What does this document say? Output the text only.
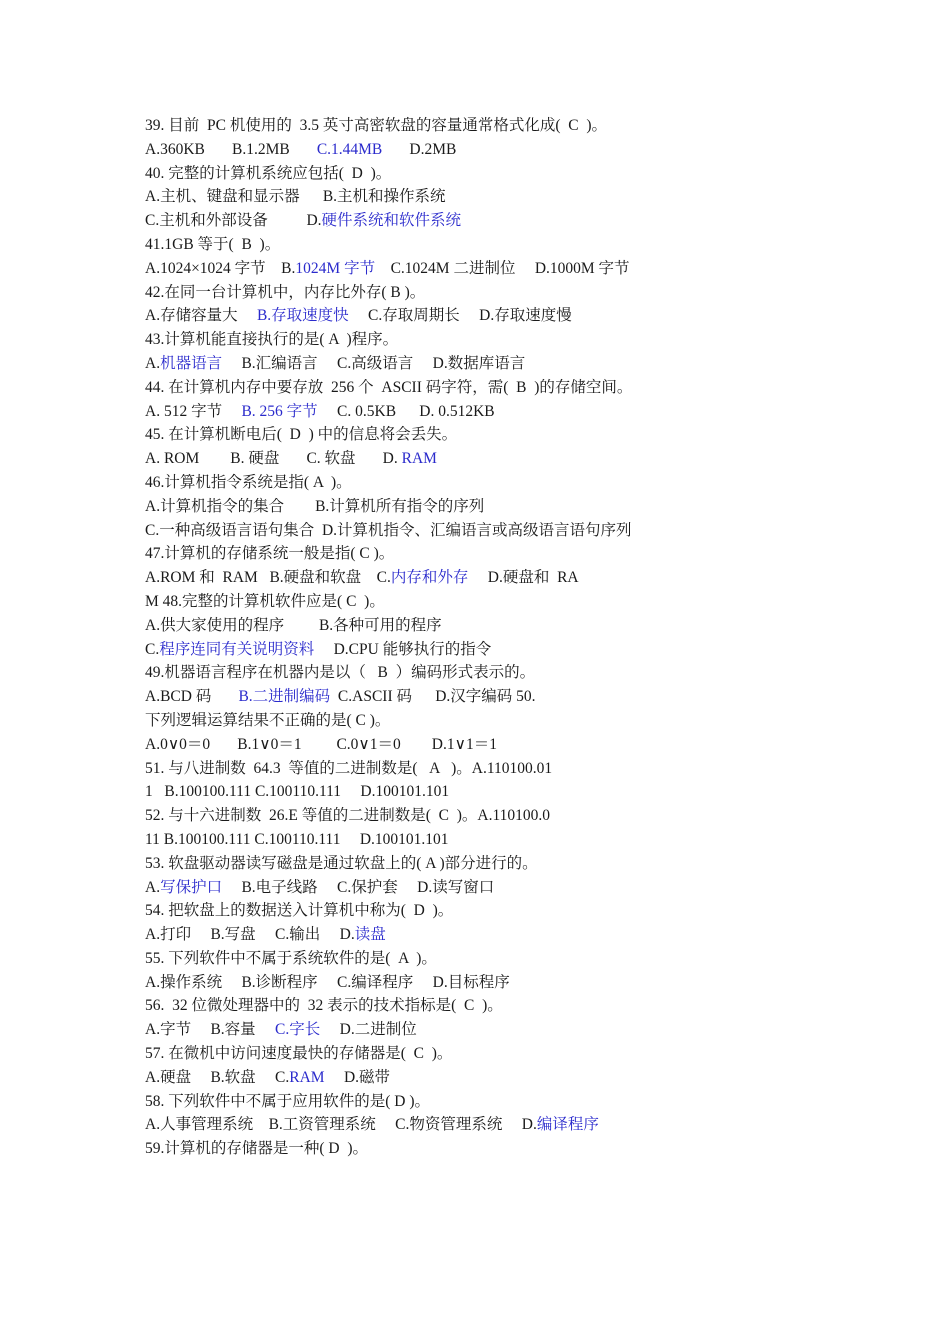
39. 目前  PC 机使用的  3.5 英寸高密软盘的容量通常格式化成(  C  )。
A.360KB       B.1.2MB       C.1.44MB       D.2MB
40. 完整的计算机系统应包括(  D  )。
A.主机、键盘和显示器      B.主机和操作系统
C.主机和外部设备          D.硬件系统和软件系统
41.1GB 等于(  B  )。
A.1024×1024 字节    B.1024M 字节    C.1024M 二进制位     D.1000M 字节
42.在同一台计算机中，内存比外存( B )。
A.存储容量大     B.存取速度快     C.存取周期长     D.存取速度慢
43.计算机能直接执行的是( A  )程序。
A.机器语言     B.汇编语言     C.高级语言     D.数据库语言
44. 在计算机内存中要存放  256 个  ASCII 码字符，需(  B  )的存储空间。
A. 512 字节     B. 256 字节     C. 0.5KB      D. 0.512KB
45. 在计算机断电后(  D  ) 中的信息将会丢失。
A. ROM        B. 硬盘       C. 软盘       D. RAM
46.计算机指令系统是指( A  )。
A.计算机指令的集合        B.计算机所有指令的序列
C.一种高级语言语句集合  D.计算机指令、汇编语言或高级语言语句序列
47.计算机的存储系统一般是指( C )。
A.ROM 和  RAM   B.硬盘和软盘    C.内存和外存     D.硬盘和  RA
M 48.完整的计算机软件应是( C  )。
A.供大家使用的程序         B.各种可用的程序
C.程序连同有关说明资料     D.CPU 能够执行的指令
49.机器语言程序在机器内是以（   B  ）编码形式表示的。
A.BCD 码       B.二进制编码  C.ASCII 码      D.汉字编码 50.
下列逻辑运算结果不正确的是( C )。
A.0∨0＝0       B.1∨0＝1         C.0∨1＝0        D.1∨1＝1
51. 与八进制数  64.3  等值的二进制数是(   A   )。A.110100.01
1   B.100100.111 C.100110.111     D.100101.101
52. 与十六进制数  26.E 等值的二进制数是(  C  )。A.110100.0
11 B.100100.111 C.100110.111     D.100101.101
53. 软盘驱动器读写磁盘是通过软盘上的( A )部分进行的。
A.写保护口     B.电子线路     C.保护套     D.读写窗口
54. 把软盘上的数据送入计算机中称为(  D  )。
A.打印     B.写盘     C.输出     D.读盘
55. 下列软件中不属于系统软件的是(  A  )。
A.操作系统     B.诊断程序     C.编译程序     D.目标程序
56.  32 位微处理器中的  32 表示的技术指标是(  C  )。
A.字节     B.容量     C.字长     D.二进制位
57. 在微机中访问速度最快的存储器是(  C  )。
A.硬盘     B.软盘     C.RAM     D.磁带
58. 下列软件中不属于应用软件的是( D )。
A.人事管理系统    B.工资管理系统     C.物资管理系统     D.编译程序
59.计算机的存储器是一种( D  )。
